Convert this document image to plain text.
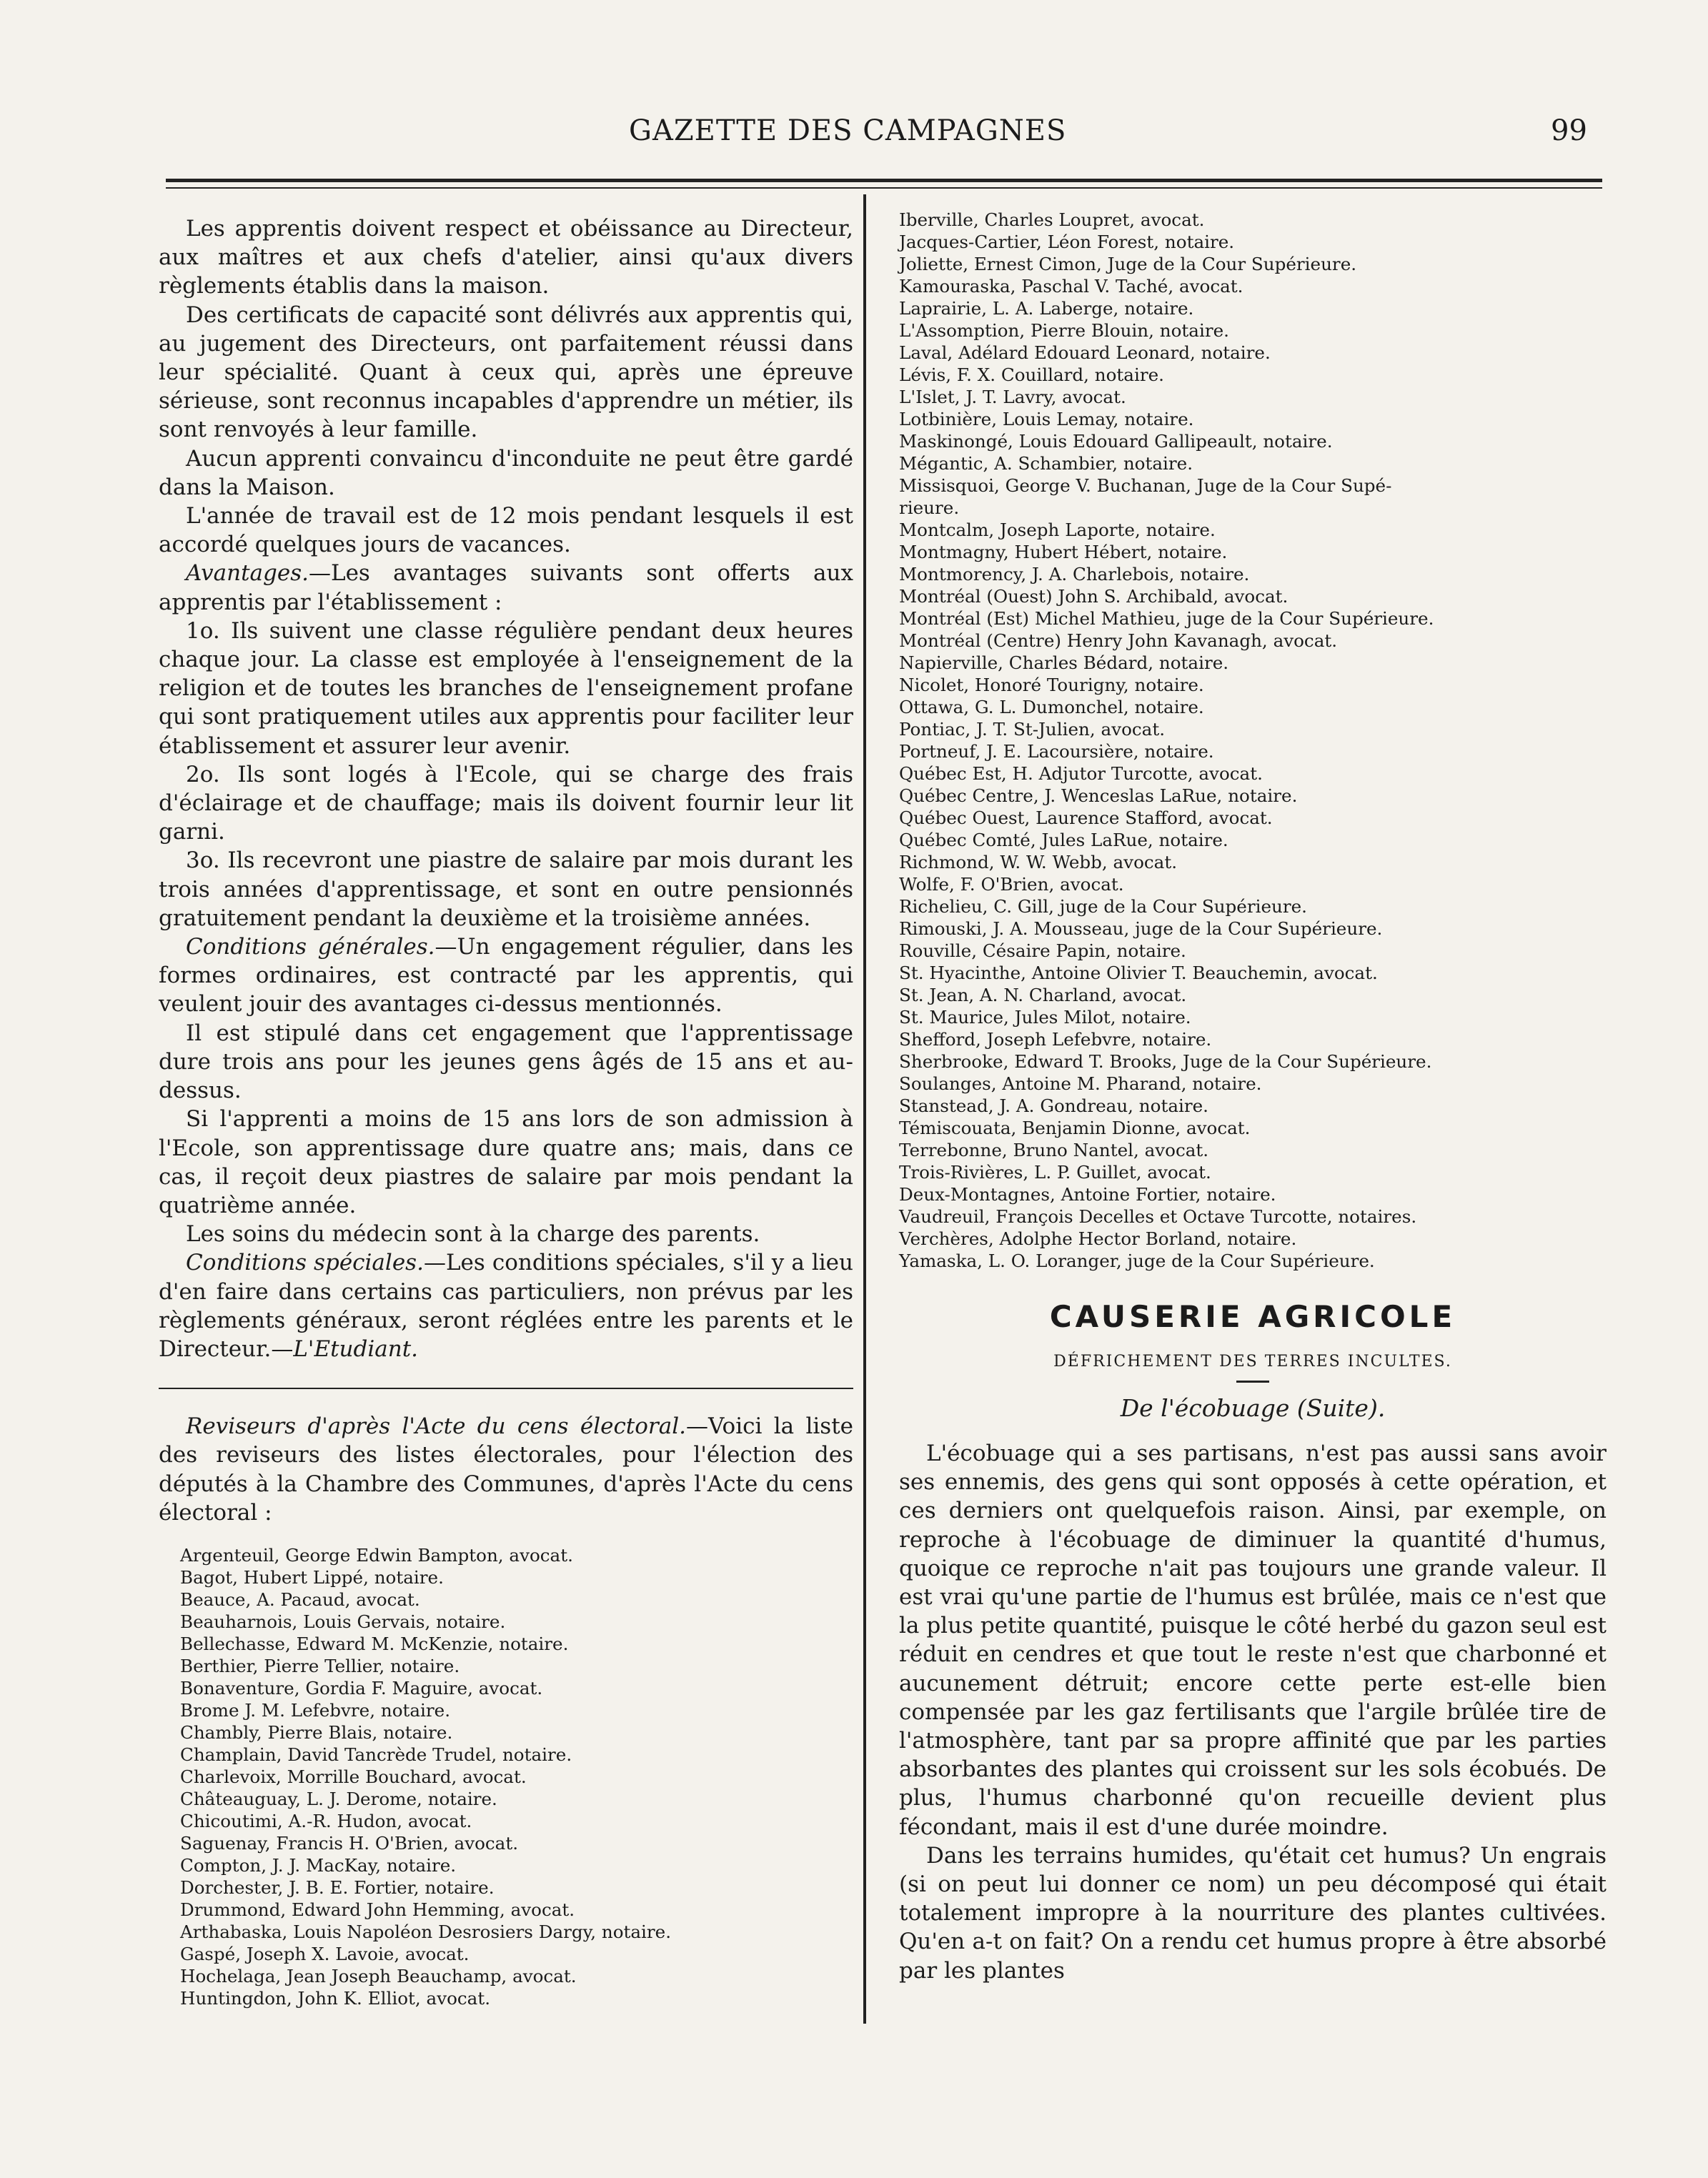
GAZETTE DES CAMPAGNES	99

Les apprentis doivent respect et obéissance au Directeur, aux maîtres et aux chefs d'atelier, ainsi qu'aux divers règlements établis dans la maison.

Des certificats de capacité sont délivrés aux apprentis qui, au jugement des Directeurs, ont parfaitement réussi dans leur spécialité. Quant à ceux qui, après une épreuve sérieuse, sont reconnus incapables d'apprendre un métier, ils sont renvoyés à leur famille.

Aucun apprenti convaincu d'inconduite ne peut être gardé dans la Maison.

L'année de travail est de 12 mois pendant lesquels il est accordé quelques jours de vacances.

Avantages.—Les avantages suivants sont offerts aux apprentis par l'établissement :

1o. Ils suivent une classe régulière pendant deux heures chaque jour. La classe est employée à l'enseignement de la religion et de toutes les branches de l'enseignement profane qui sont pratiquement utiles aux apprentis pour faciliter leur établissement et assurer leur avenir.

2o. Ils sont logés à l'Ecole, qui se charge des frais d'éclairage et de chauffage; mais ils doivent fournir leur lit garni.

3o. Ils recevront une piastre de salaire par mois durant les trois années d'apprentissage, et sont en outre pensionnés gratuitement pendant la deuxième et la troisième années.

Conditions générales.—Un engagement régulier, dans les formes ordinaires, est contracté par les apprentis, qui veulent jouir des avantages ci-dessus mentionnés.

Il est stipulé dans cet engagement que l'apprentissage dure trois ans pour les jeunes gens âgés de 15 ans et au-dessus.

Si l'apprenti a moins de 15 ans lors de son admission à l'Ecole, son apprentissage dure quatre ans; mais, dans ce cas, il reçoit deux piastres de salaire par mois pendant la quatrième année.

Les soins du médecin sont à la charge des parents.

Conditions spéciales.—Les conditions spéciales, s'il y a lieu d'en faire dans certains cas particuliers, non prévus par les règlements généraux, seront réglées entre les parents et le Directeur.—L'Etudiant.

Reviseurs d'après l'Acte du cens électoral.—Voici la liste des reviseurs des listes électorales, pour l'élection des députés à la Chambre des Communes, d'après l'Acte du cens électoral :

Argenteuil, George Edwin Bampton, avocat.
Bagot, Hubert Lippé, notaire.
Beauce, A. Pacaud, avocat.
Beauharnois, Louis Gervais, notaire.
Bellechasse, Edward M. McKenzie, notaire.
Berthier, Pierre Tellier, notaire.
Bonaventure, Gordia F. Maguire, avocat.
Brome J. M. Lefebvre, notaire.
Chambly, Pierre Blais, notaire.
Champlain, David Tancrède Trudel, notaire.
Charlevoix, Morrille Bouchard, avocat.
Châteauguay, L. J. Derome, notaire.
Chicoutimi, A.-R. Hudon, avocat.
Saguenay, Francis H. O'Brien, avocat.
Compton, J. J. MacKay, notaire.
Dorchester, J. B. E. Fortier, notaire.
Drummond, Edward John Hemming, avocat.
Arthabaska, Louis Napoléon Desrosiers Dargy, notaire.
Gaspé, Joseph X. Lavoie, avocat.
Hochelaga, Jean Joseph Beauchamp, avocat.
Huntingdon, John K. Elliot, avocat.
Iberville, Charles Loupret, avocat.
Jacques-Cartier, Léon Forest, notaire.
Joliette, Ernest Cimon, Juge de la Cour Supérieure.
Kamouraska, Paschal V. Taché, avocat.
Laprairie, L. A. Laberge, notaire.
L'Assomption, Pierre Blouin, notaire.
Laval, Adélard Edouard Leonard, notaire.
Lévis, F. X. Couillard, notaire.
L'Islet, J. T. Lavry, avocat.
Lotbinière, Louis Lemay, notaire.
Maskinongé, Louis Edouard Gallipeault, notaire.
Mégantic, A. Schambier, notaire.
Missisquoi, George V. Buchanan, Juge de la Cour Supé-
rieure.
Montcalm, Joseph Laporte, notaire.
Montmagny, Hubert Hébert, notaire.
Montmorency, J. A. Charlebois, notaire.
Montréal (Ouest) John S. Archibald, avocat.
Montréal (Est) Michel Mathieu, juge de la Cour Supérieure.
Montréal (Centre) Henry John Kavanagh, avocat.
Napierville, Charles Bédard, notaire.
Nicolet, Honoré Tourigny, notaire.
Ottawa, G. L. Dumonchel, notaire.
Pontiac, J. T. St-Julien, avocat.
Portneuf, J. E. Lacoursière, notaire.
Québec Est, H. Adjutor Turcotte, avocat.
Québec Centre, J. Wenceslas LaRue, notaire.
Québec Ouest, Laurence Stafford, avocat.
Québec Comté, Jules LaRue, notaire.
Richmond, W. W. Webb, avocat.
Wolfe, F. O'Brien, avocat.
Richelieu, C. Gill, juge de la Cour Supérieure.
Rimouski, J. A. Mousseau, juge de la Cour Supérieure.
Rouville, Césaire Papin, notaire.
St. Hyacinthe, Antoine Olivier T. Beauchemin, avocat.
St. Jean, A. N. Charland, avocat.
St. Maurice, Jules Milot, notaire.
Shefford, Joseph Lefebvre, notaire.
Sherbrooke, Edward T. Brooks, Juge de la Cour Supérieure.
Soulanges, Antoine M. Pharand, notaire.
Stanstead, J. A. Gondreau, notaire.
Témiscouata, Benjamin Dionne, avocat.
Terrebonne, Bruno Nantel, avocat.
Trois-Rivières, L. P. Guillet, avocat.
Deux-Montagnes, Antoine Fortier, notaire.
Vaudreuil, François Decelles et Octave Turcotte, notaires.
Verchères, Adolphe Hector Borland, notaire.
Yamaska, L. O. Loranger, juge de la Cour Supérieure.
CAUSERIE AGRICOLE
DÉFRICHEMENT DES TERRES INCULTES.
De l'écobuage (Suite).

L'écobuage qui a ses partisans, n'est pas aussi sans avoir ses ennemis, des gens qui sont opposés à cette opération, et ces derniers ont quelquefois raison. Ainsi, par exemple, on reproche à l'écobuage de diminuer la quantité d'humus, quoique ce reproche n'ait pas toujours une grande valeur. Il est vrai qu'une partie de l'humus est brûlée, mais ce n'est que la plus petite quantité, puisque le côté herbé du gazon seul est réduit en cendres et que tout le reste n'est que charbonné et aucunement détruit; encore cette perte est-elle bien compensée par les gaz fertilisants que l'argile brûlée tire de l'atmosphère, tant par sa propre affinité que par les parties absorbantes des plantes qui croissent sur les sols écobués. De plus, l'humus charbonné qu'on recueille devient plus fécondant, mais il est d'une durée moindre.

Dans les terrains humides, qu'était cet humus? Un engrais (si on peut lui donner ce nom) un peu décomposé qui était totalement impropre à la nourriture des plantes cultivées. Qu'en a-t on fait? On a rendu cet humus propre à être absorbé par les plantes
